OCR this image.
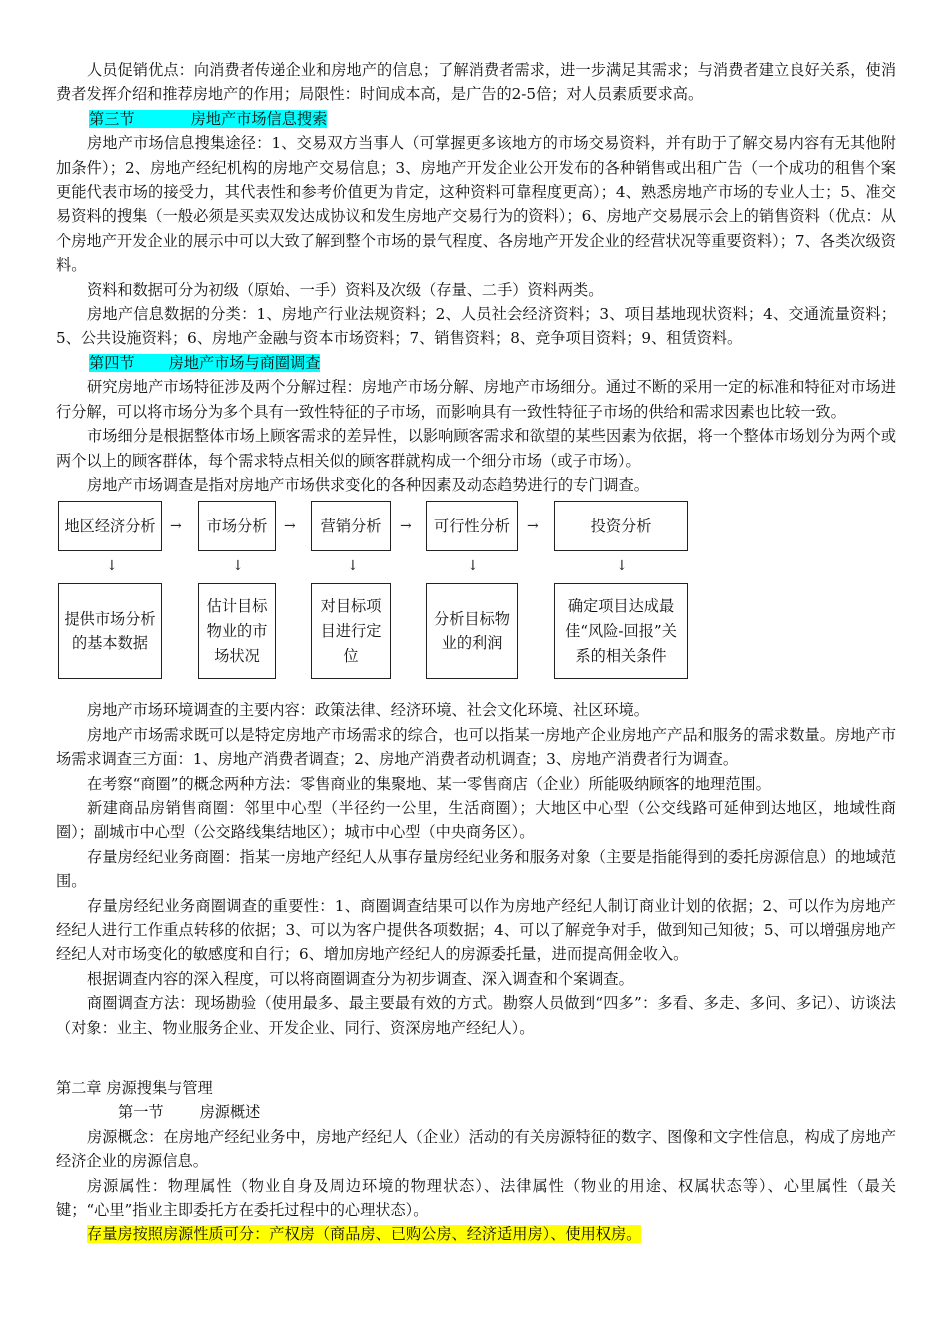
人员促销优点：向消费者传递企业和房地产的信息；了解消费者需求，进一步满足其需求；与消费者建立良好关系，使消费者发挥介绍和推荐房地产的作用；局限性：时间成本高，是广告的2-5倍；对人员素质要求高。

第三节	房地产市场信息搜索

房地产市场信息搜集途径：1、交易双方当事人（可掌握更多该地方的市场交易资料，并有助于了解交易内容有无其他附加条件）；2、房地产经纪机构的房地产交易信息；3、房地产开发企业公开发布的各种销售或出租广告（一个成功的租售个案更能代表市场的接受力，其代表性和参考价值更为肯定，这种资料可靠程度更高）；4、熟悉房地产市场的专业人士；5、准交易资料的搜集（一般必须是买卖双发达成协议和发生房地产交易行为的资料）；6、房地产交易展示会上的销售资料（优点：从个房地产开发企业的展示中可以大致了解到整个市场的景气程度、各房地产开发企业的经营状况等重要资料）；7、各类次级资料。

资料和数据可分为初级（原始、一手）资料及次级（存量、二手）资料两类。

房地产信息数据的分类：1、房地产行业法规资料；2、人员社会经济资料；3、项目基地现状资料；4、交通流量资料；5、公共设施资料；6、房地产金融与资本市场资料；7、销售资料；8、竞争项目资料；9、租赁资料。

第四节 房地产市场与商圈调查

研究房地产市场特征涉及两个分解过程：房地产市场分解、房地产市场细分。通过不断的采用一定的标准和特征对市场进行分解，可以将市场分为多个具有一致性特征的子市场，而影响具有一致性特征子市场的供给和需求因素也比较一致。

市场细分是根据整体市场上顾客需求的差异性，以影响顾客需求和欲望的某些因素为依据，将一个整体市场划分为两个或两个以上的顾客群体，每个需求特点相关似的顾客群就构成一个细分市场（或子市场）。

房地产市场调查是指对房地产市场供求变化的各种因素及动态趋势进行的专门调查。

地区经济分析	→	市场分析	→	营销分析	→	可行性分析	→	投资分析
↓	↓	↓	↓	↓
提供市场分析的基本数据
估计目标物业的市场状况
对目标项目进行定位
分析目标物业的利润
确定项目达成最佳“风险-回报”关系的相关条件

房地产市场环境调查的主要内容：政策法律、经济环境、社会文化环境、社区环境。

房地产市场需求既可以是特定房地产市场需求的综合，也可以指某一房地产企业房地产产品和服务的需求数量。房地产市场需求调查三方面：1、房地产消费者调查；2、房地产消费者动机调查；3、房地产消费者行为调查。

在考察“商圈”的概念两种方法：零售商业的集聚地、某一零售商店（企业）所能吸纳顾客的地理范围。

新建商品房销售商圈：邻里中心型（半径约一公里，生活商圈）；大地区中心型（公交线路可延伸到达地区，地域性商圈）；副城市中心型（公交路线集结地区）；城市中心型（中央商务区）。

存量房经纪业务商圈：指某一房地产经纪人从事存量房经纪业务和服务对象（主要是指能得到的委托房源信息）的地域范围。

存量房经纪业务商圈调查的重要性：1、商圈调查结果可以作为房地产经纪人制订商业计划的依据；2、可以作为房地产经纪人进行工作重点转移的依据；3、可以为客户提供各项数据；4、可以了解竞争对手，做到知己知彼；5、可以增强房地产经纪人对市场变化的敏感度和自行；6、增加房地产经纪人的房源委托量，进而提高佣金收入。

根据调查内容的深入程度，可以将商圈调查分为初步调查、深入调查和个案调查。

商圈调查方法：现场勘验（使用最多、最主要最有效的方式。勘察人员做到“四多”：多看、多走、多问、多记）、访谈法（对象：业主、物业服务企业、开发企业、同行、资深房地产经纪人）。

第二章 房源搜集与管理

第一节 房源概述

房源概念：在房地产经纪业务中，房地产经纪人（企业）活动的有关房源特征的数字、图像和文字性信息，构成了房地产经济企业的房源信息。

房源属性：物理属性（物业自身及周边环境的物理状态）、法律属性（物业的用途、权属状态等）、心里属性（最关键；“心里”指业主即委托方在委托过程中的心理状态）。

存量房按照房源性质可分：产权房（商品房、已购公房、经济适用房）、使用权房。
